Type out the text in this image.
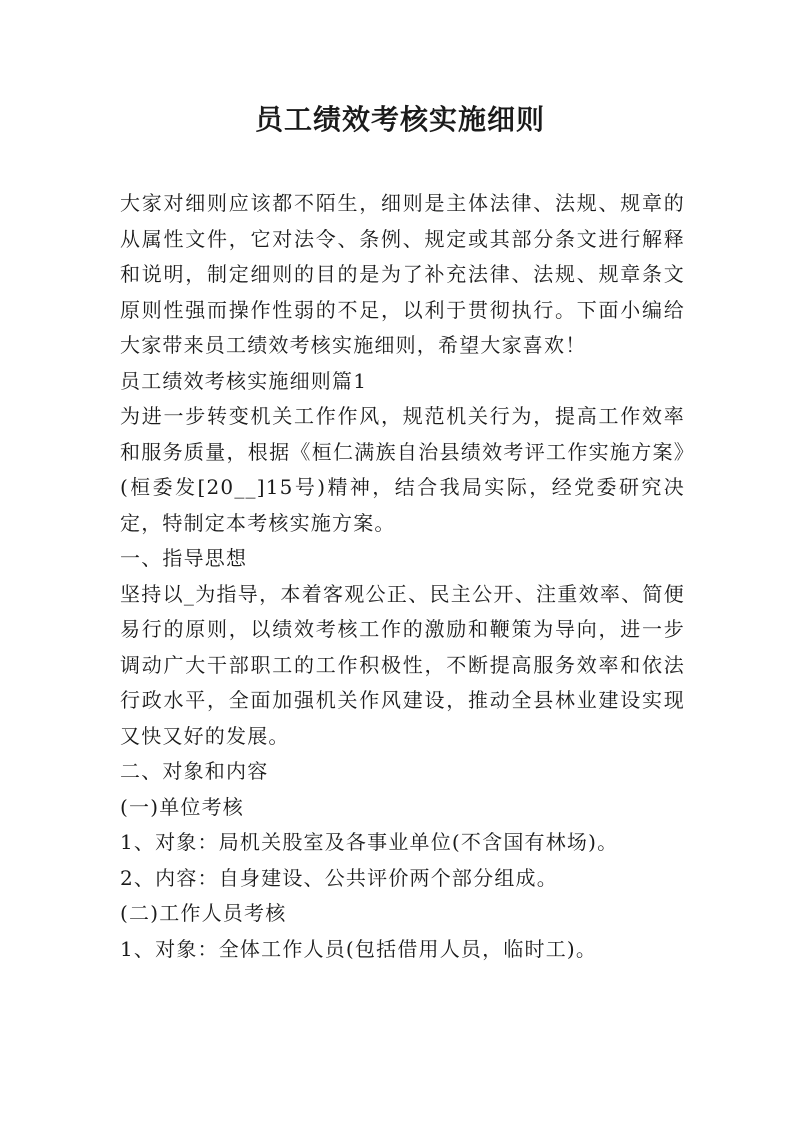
员工绩效考核实施细则

大家对细则应该都不陌生，细则是主体法律、法规、规章的从属性文件，它对法令、条例、规定或其部分条文进行解释和说明，制定细则的目的是为了补充法律、法规、规章条文原则性强而操作性弱的不足，以利于贯彻执行。下面小编给大家带来员工绩效考核实施细则，希望大家喜欢！

员工绩效考核实施细则篇1

为进一步转变机关工作作风，规范机关行为，提高工作效率和服务质量，根据《桓仁满族自治县绩效考评工作实施方案》(桓委发[20__]15号)精神，结合我局实际，经党委研究决定，特制定本考核实施方案。

一、指导思想

坚持以_为指导，本着客观公正、民主公开、注重效率、简便易行的原则，以绩效考核工作的激励和鞭策为导向，进一步调动广大干部职工的工作积极性，不断提高服务效率和依法行政水平，全面加强机关作风建设，推动全县林业建设实现又快又好的发展。

二、对象和内容

(一)单位考核

1、对象：局机关股室及各事业单位(不含国有林场)。

2、内容：自身建设、公共评价两个部分组成。

(二)工作人员考核

1、对象：全体工作人员(包括借用人员，临时工)。
